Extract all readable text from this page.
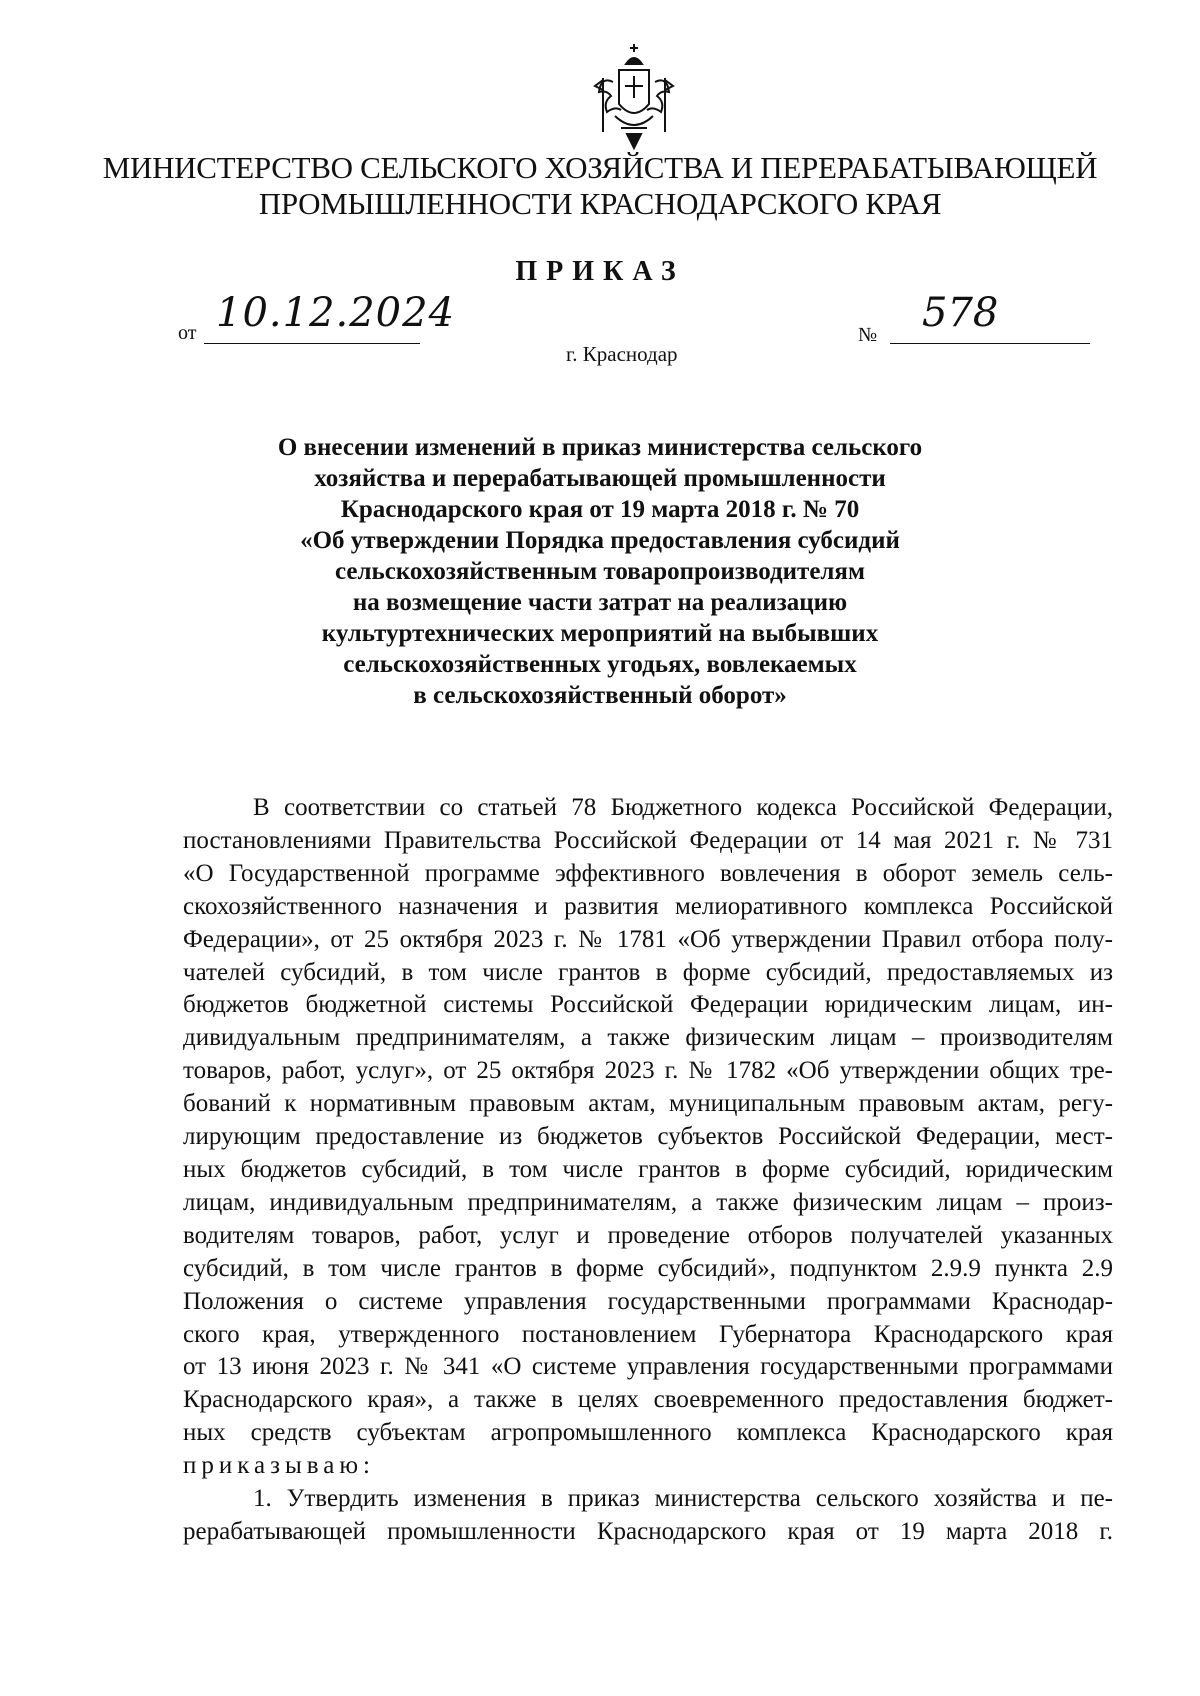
МИНИСТЕРСТВО СЕЛЬСКОГО ХОЗЯЙСТВА И ПЕРЕРАБАТЫВАЮЩЕЙ
ПРОМЫШЛЕННОСТИ КРАСНОДАРСКОГО КРАЯ
ПРИКАЗ
от 10.12.2024	№ 578
г. Краснодар
О внесении изменений в приказ министерства сельского
хозяйства и перерабатывающей промышленности
Краснодарского края от 19 марта 2018 г. № 70
«Об утверждении Порядка предоставления субсидий
сельскохозяйственным товаропроизводителям
на возмещение части затрат на реализацию
культуртехнических мероприятий на выбывших
сельскохозяйственных угодьях, вовлекаемых
в сельскохозяйственный оборот»
В соответствии со статьей 78 Бюджетного кодекса Российской Федерации,
постановлениями Правительства Российской Федерации от 14 мая 2021 г. № 731
«О Государственной программе эффективного вовлечения в оборот земель сель-
скохозяйственного назначения и развития мелиоративного комплекса Российской
Федерации», от 25 октября 2023 г. № 1781 «Об утверждении Правил отбора полу-
чателей субсидий, в том числе грантов в форме субсидий, предоставляемых из
бюджетов бюджетной системы Российской Федерации юридическим лицам, ин-
дивидуальным предпринимателям, а также физическим лицам – производителям
товаров, работ, услуг», от 25 октября 2023 г. № 1782 «Об утверждении общих тре-
бований к нормативным правовым актам, муниципальным правовым актам, регу-
лирующим предоставление из бюджетов субъектов Российской Федерации, мест-
ных бюджетов субсидий, в том числе грантов в форме субсидий, юридическим
лицам, индивидуальным предпринимателям, а также физическим лицам – произ-
водителям товаров, работ, услуг и проведение отборов получателей указанных
субсидий, в том числе грантов в форме субсидий», подпунктом 2.9.9 пункта 2.9
Положения о системе управления государственными программами Краснодар-
ского края, утвержденного постановлением Губернатора Краснодарского края
от 13 июня 2023 г. № 341 «О системе управления государственными программами
Краснодарского края», а также в целях своевременного предоставления бюджет-
ных средств субъектам агропромышленного комплекса Краснодарского края
приказываю:
1. Утвердить изменения в приказ министерства сельского хозяйства и пе-
рерабатывающей промышленности Краснодарского края от 19 марта 2018 г.
